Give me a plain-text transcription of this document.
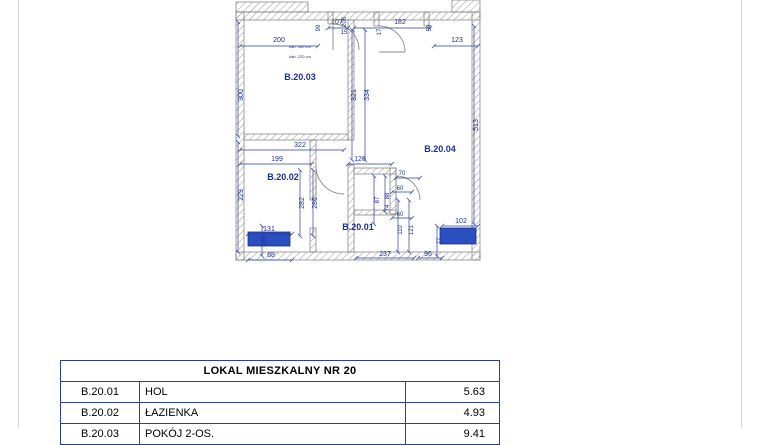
B.20.03
B.20.04
B.20.02
B.20.01
kab. 160 cm
kab. 220 cm
200
107
15
182
123
322
199	126
131
68	237	96
102
70
60
60
513
300
229
282 286
321 334
208
99
17
59
87
88
74
110 121
77
155
LOKAL MIESZKALNY NR 20		
B.20.01	HOL	5.63
B.20.02	ŁAZIENKA	4.93
B.20.03	POKÓJ 2-OS.	9.41
